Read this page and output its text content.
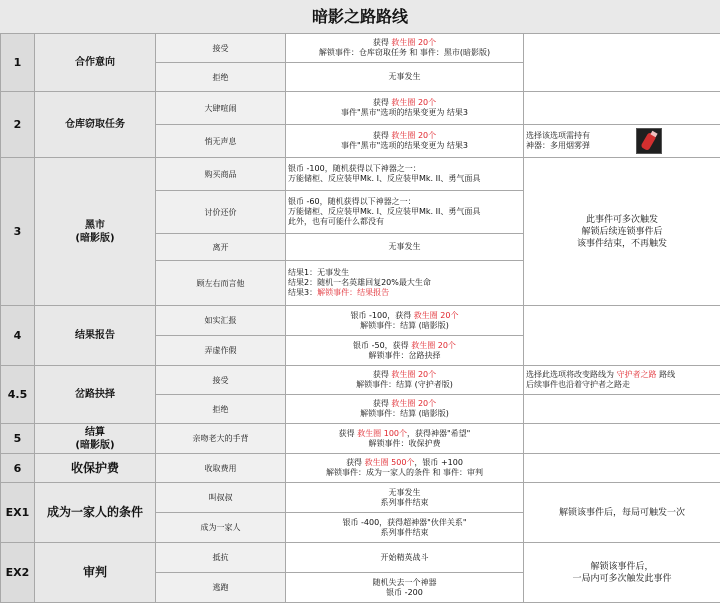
暗影之路路线
1	合作意向	接受	获得 救生圈 20个
解锁事件：仓库窃取任务 和 事件：黑市(暗影版)	

		拒绝	无事发生	
2	仓库窃取任务	大肆喧闹	获得 救生圈 20个
事件"黑市"选项的结果变更为 结果3	

		悄无声息	获得 救生圈 20个
事件"黑市"选项的结果变更为 结果3	选择该选项需持有
神器：多用烟雾弹

3	黑市
(暗影版)	购买商品	银币 -100，随机获得以下神器之一：
万能储柜、反应装甲Mk. I、反应装甲Mk. II、勇气面具	此事件可多次触发
解锁后续连锁事件后
该事件结束，不再触发

		讨价还价	银币 -60，随机获得以下神器之一：
万能储柜、反应装甲Mk. I、反应装甲Mk. II、勇气面具
此外，也有可能什么都没有	

		离开	无事发生	
		顾左右而言他	结果1：无事发生
结果2：随机一名英雄回复20%最大生命
结果3：解锁事件：结果报告	

4	结果报告	如实汇报	银币 -100，获得 救生圈 20个
解锁事件：结算 (暗影版)	

		弄虚作假	银币 -50，获得 救生圈 20个
解锁事件：岔路抉择	

4.5	岔路抉择	接受	获得 救生圈 20个
解锁事件：结算 (守护者版)	选择此选项将改变路线为 守护者之路 路线
后续事件也沿着守护者之路走

		拒绝	获得 救生圈 20个
解锁事件：结算 (暗影版)	

5	结算
(暗影版)	亲吻老大的手背	获得 救生圈 100个，获得神器"希望"
解锁事件：收保护费	

6	收保护费	收取费用	获得 救生圈 500个，银币 +100
解锁事件：成为一家人的条件 和 事件：审判	

EX1	成为一家人的条件	叫叔叔	无事发生
系列事件结束	解锁该事件后，每局可触发一次
		成为一家人	银币 -400，获得超神器"伙伴关系"
系列事件结束	

EX2	审判	抵抗	开始精英战斗	解锁该事件后，
一局内可多次触发此事件

		逃跑	随机失去一个神器
银币 -200	
